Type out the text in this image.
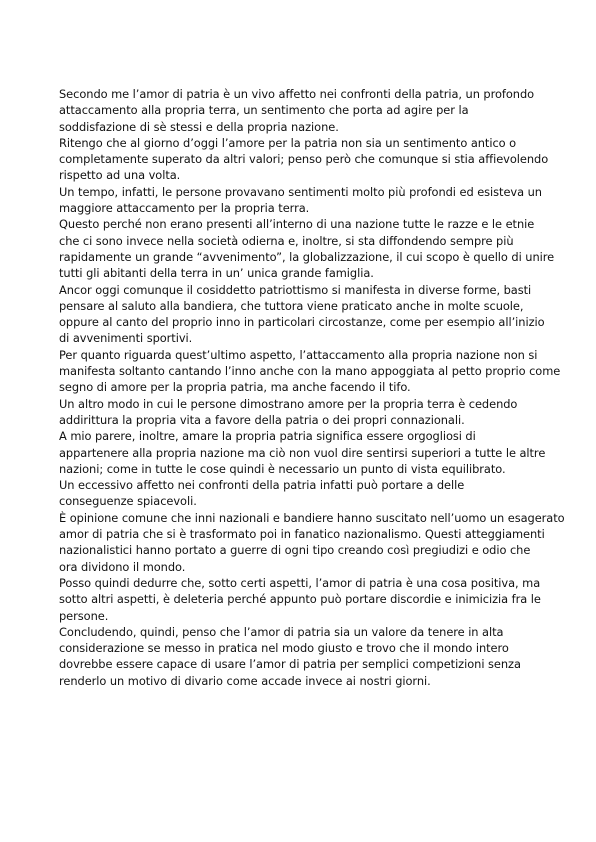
Secondo me l’amor di patria è un vivo affetto nei confronti della patria, un profondo
attaccamento alla propria terra, un sentimento che porta ad agire per la
soddisfazione di sè stessi e della propria nazione.

Ritengo che al giorno d’oggi l’amore per la patria non sia un sentimento antico o
completamente superato da altri valori; penso però che comunque si stia affievolendo
rispetto ad una volta.

Un tempo, infatti, le persone provavano sentimenti molto più profondi ed esisteva un
maggiore attaccamento per la propria terra.

Questo perché non erano presenti all’interno di una nazione tutte le razze e le etnie
che ci sono invece nella società odierna e, inoltre, si sta diffondendo sempre più
rapidamente un grande “avvenimento”, la globalizzazione, il cui scopo è quello di unire
tutti gli abitanti della terra in un’ unica grande famiglia.

Ancor oggi comunque il cosiddetto patriottismo si manifesta in diverse forme, basti
pensare al saluto alla bandiera, che tuttora viene praticato anche in molte scuole,
oppure al canto del proprio inno in particolari circostanze, come per esempio all’inizio
di avvenimenti sportivi.

Per quanto riguarda quest’ultimo aspetto, l’attaccamento alla propria nazione non si
manifesta soltanto cantando l’inno anche con la mano appoggiata al petto proprio come
segno di amore per la propria patria, ma anche facendo il tifo.

Un altro modo in cui le persone dimostrano amore per la propria terra è cedendo
addirittura la propria vita a favore della patria o dei propri connazionali.

A mio parere, inoltre, amare la propria patria significa essere orgogliosi di
appartenere alla propria nazione ma ciò non vuol dire sentirsi superiori a tutte le altre
nazioni; come in tutte le cose quindi è necessario un punto di vista equilibrato.

Un eccessivo affetto nei confronti della patria infatti può portare a delle
conseguenze spiacevoli.

È opinione comune che inni nazionali e bandiere hanno suscitato nell’uomo un esagerato
amor di patria che si è trasformato poi in fanatico nazionalismo. Questi atteggiamenti
nazionalistici hanno portato a guerre di ogni tipo creando così pregiudizi e odio che
ora dividono il mondo.

Posso quindi dedurre che, sotto certi aspetti, l’amor di patria è una cosa positiva, ma
sotto altri aspetti, è deleteria perché appunto può portare discordie e inimicizia fra le
persone.

Concludendo, quindi, penso che l’amor di patria sia un valore da tenere in alta
considerazione se messo in pratica nel modo giusto e trovo che il mondo intero
dovrebbe essere capace di usare l’amor di patria per semplici competizioni senza
renderlo un motivo di divario come accade invece ai nostri giorni.
